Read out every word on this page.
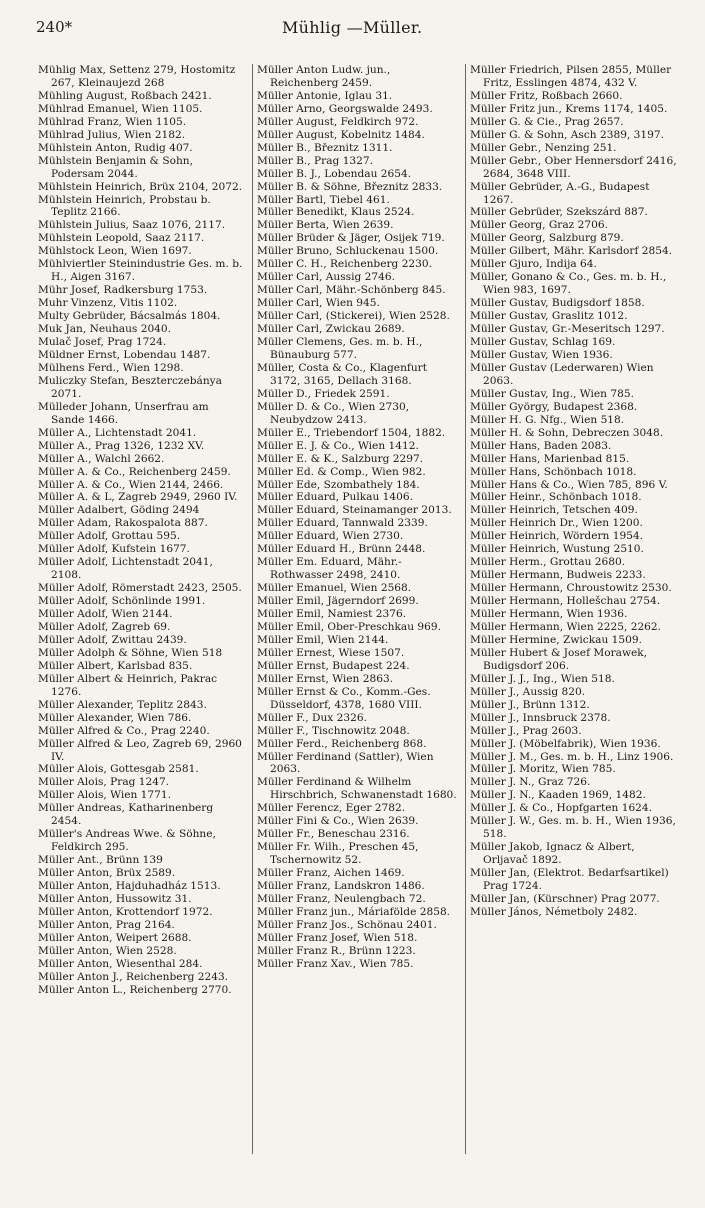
240*	Mühlig —Müller.
Mühlig Max, Settenz 279, Hostomitz 267, Kleinaujezd 268
Mühling August, Roßbach 2421.
Mühlrad Emanuel, Wien 1105.
Mühlrad Franz, Wien 1105.
Mühlrad Julius, Wien 2182.
Mühlstein Anton, Rudig 407.
Mühlstein Benjamin & Sohn, Podersam 2044.
Mühlstein Heinrich, Brüx 2104, 2072.
Mühlstein Heinrich, Probstau b. Teplitz 2166.
Mühlstein Julius, Saaz 1076, 2117.
Mühlstein Leopold, Saaz 2117.
Mühlstock Leon, Wien 1697.
Mühlviertler Steinindustrie Ges. m. b. H., Aigen 3167.
Mühr Josef, Radkersburg 1753.
Muhr Vinzenz, Vitis 1102.
Multy Gebrüder, Bácsalmás 1804.
Muk Jan, Neuhaus 2040.
Mulač Josef, Prag 1724.
Müldner Ernst, Lobendau 1487.
Mülhens Ferd., Wien 1298.
Muliczky Stefan, Beszterczebánya 2071.
Mülleder Johann, Unserfrau am Sande 1466.
Müller A., Lichtenstadt 2041.
Müller A., Prag 1326, 1232 XV.
Müller A., Walchl 2662.
Müller A. & Co., Reichenberg 2459.
Müller A. & Co., Wien 2144, 2466.
Müller A. & L, Zagreb 2949, 2960 IV.
Müller Adalbert, Göding 2494
Müller Adam, Rakospalota 887.
Müller Adolf, Grottau 595.
Müller Adolf, Kufstein 1677.
Müller Adolf, Lichtenstadt 2041, 2108.
Müller Adolf, Römerstadt 2423, 2505.
Müller Adolf, Schönlinde 1991.
Müller Adolf, Wien 2144.
Müller Adolf, Zagreb 69.
Müller Adolf, Zwittau 2439.
Müller Adolph & Söhne, Wien 518
Müller Albert, Karlsbad 835.
Müller Albert & Heinrich, Pakrac 1276.
Müller Alexander, Teplitz 2843.
Müller Alexander, Wien 786.
Müller Alfred & Co., Prag 2240.
Müller Alfred & Leo, Zagreb 69, 2960 IV.
Müller Alois, Gottesgab 2581.
Müller Alois, Prag 1247.
Müller Alois, Wien 1771.
Müller Andreas, Katharinenberg 2454.
Müller's Andreas Wwe. & Söhne, Feldkirch 295.
Müller Ant., Brünn 139
Müller Anton, Brüx 2589.
Müller Anton, Hajduhadház 1513.
Müller Anton, Hussowitz 31.
Müller Anton, Krottendorf 1972.
Müller Anton, Prag 2164.
Müller Anton, Weipert 2688.
Müller Anton, Wien 2528.
Müller Anton, Wiesenthal 284.
Müller Anton J., Reichenberg 2243.
Müller Anton L., Reichenberg 2770.
Müller Anton Ludw. jun., Reichenberg 2459.
Müller Antonie, Iglau 31.
Müller Arno, Georgswalde 2493.
Müller August, Feldkirch 972.
Müller August, Kobelnitz 1484.
Müller B., Březnitz 1311.
Müller B., Prag 1327.
Müller B. J., Lobendau 2654.
Müller B. & Söhne, Březnitz 2833.
Müller Bartl, Tiebel 461.
Müller Benedikt, Klaus 2524.
Müller Berta, Wien 2639.
Müller Brüder & Jäger, Osijek 719.
Müller Bruno, Schluckenau 1500.
Müller C. H., Reichenberg 2230.
Müller Carl, Aussig 2746.
Müller Carl, Mähr.-Schönberg 845.
Müller Carl, Wien 945.
Müller Carl, (Stickerei), Wien 2528.
Müller Carl, Zwickau 2689.
Müller Clemens, Ges. m. b. H., Bünauburg 577.
Müller, Costa & Co., Klagenfurt 3172, 3165, Dellach 3168.
Müller D., Friedek 2591.
Müller D. & Co., Wien 2730, Neubydzow 2413.
Müller E., Triebendorf 1504, 1882.
Müller E. J. & Co., Wien 1412.
Müller E. & K., Salzburg 2297.
Müller Ed. & Comp., Wien 982.
Müller Ede, Szombathely 184.
Müller Eduard, Pulkau 1406.
Müller Eduard, Steinamanger 2013.
Müller Eduard, Tannwald 2339.
Müller Eduard, Wien 2730.
Müller Eduard H., Brünn 2448.
Müller Em. Eduard, Mähr.-Rothwasser 2498, 2410.
Müller Emanuel, Wien 2568.
Müller Emil, Jägerndorf 2699.
Müller Emil, Namiest 2376.
Müller Emil, Ober-Preschkau 969.
Müller Emil, Wien 2144.
Müller Ernest, Wiese 1507.
Müller Ernst, Budapest 224.
Müller Ernst, Wien 2863.
Müller Ernst & Co., Komm.-Ges. Düsseldorf, 4378, 1680 VIII.
Müller F., Dux 2326.
Müller F., Tischnowitz 2048.
Müller Ferd., Reichenberg 868.
Müller Ferdinand (Sattler), Wien 2063.
Müller Ferdinand & Wilhelm Hirschbrich, Schwanenstadt 1680.
Müller Ferencz, Eger 2782.
Müller Fini & Co., Wien 2639.
Müller Fr., Beneschau 2316.
Müller Fr. Wilh., Preschen 45, Tschernowitz 52.
Müller Franz, Aichen 1469.
Müller Franz, Landskron 1486.
Müller Franz, Neulengbach 72.
Müller Franz jun., Máriafölde 2858.
Müller Franz Jos., Schönau 2401.
Müller Franz Josef, Wien 518.
Müller Franz R., Brünn 1223.
Müller Franz Xav., Wien 785.
Müller Friedrich, Pilsen 2855, Müller Fritz, Esslingen 4874, 432 V.
Müller Fritz, Roßbach 2660.
Müller Fritz jun., Krems 1174, 1405.
Müller G. & Cie., Prag 2657.
Müller G. & Sohn, Asch 2389, 3197.
Müller Gebr., Nenzing 251.
Müller Gebr., Ober Hennersdorf 2416, 2684, 3648 VIII.
Müller Gebrüder, A.-G., Budapest 1267.
Müller Gebrüder, Szekszárd 887.
Müller Georg, Graz 2706.
Müller Georg, Salzburg 879.
Müller Gilbert, Mähr. Karlsdorf 2854.
Müller Gjuro, Indija 64.
Müller, Gonano & Co., Ges. m. b. H., Wien 983, 1697.
Müller Gustav, Budigsdorf 1858.
Müller Gustav, Graslitz 1012.
Müller Gustav, Gr.-Meseritsch 1297.
Müller Gustav, Schlag 169.
Müller Gustav, Wien 1936.
Müller Gustav (Lederwaren) Wien 2063.
Müller Gustav, Ing., Wien 785.
Müller György, Budapest 2368.
Müller H. G. Nfg., Wien 518.
Müller H. & Sohn, Debreczen 3048.
Müller Hans, Baden 2083.
Müller Hans, Marienbad 815.
Müller Hans, Schönbach 1018.
Müller Hans & Co., Wien 785, 896 V.
Müller Heinr., Schönbach 1018.
Müller Heinrich, Tetschen 409.
Müller Heinrich Dr., Wien 1200.
Müller Heinrich, Wördern 1954.
Müller Heinrich, Wustung 2510.
Müller Herm., Grottau 2680.
Müller Hermann, Budweis 2233.
Müller Hermann, Chroustowitz 2530.
Müller Hermann, Hollešchau 2754.
Müller Hermann, Wien 1936.
Müller Hermann, Wien 2225, 2262.
Müller Hermine, Zwickau 1509.
Müller Hubert & Josef Morawek, Budigsdorf 206.
Müller J. J., Ing., Wien 518.
Müller J., Aussig 820.
Müller J., Brünn 1312.
Müller J., Innsbruck 2378.
Müller J., Prag 2603.
Müller J. (Möbelfabrik), Wien 1936.
Müller J. M., Ges. m. b. H., Linz 1906.
Müller J. Moritz, Wien 785.
Müller J. N., Graz 726.
Müller J. N., Kaaden 1969, 1482.
Müller J. & Co., Hopfgarten 1624.
Müller J. W., Ges. m. b. H., Wien 1936, 518.
Müller Jakob, Ignacz & Albert, Orljavač 1892.
Müller Jan, (Elektrot. Bedarfsartikel) Prag 1724.
Müller Jan, (Kürschner) Prag 2077.
Müller János, Németboly 2482.
